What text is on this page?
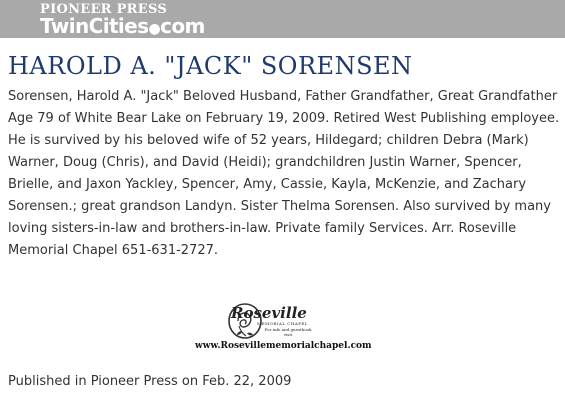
PIONEER PRESS
TwinCities●com
HAROLD A. "JACK" SORENSEN

Sorensen, Harold A. "Jack" Beloved Husband, Father Grandfather, Great Grandfather Age 79 of White Bear Lake on February 19, 2009. Retired West Publishing employee. He is survived by his beloved wife of 52 years, Hildegard; children Debra (Mark) Warner, Doug (Chris), and David (Heidi); grandchildren Justin Warner, Spencer, Brielle, and Jaxon Yackley, Spencer, Amy, Cassie, Kayla, McKenzie, and Zachary Sorensen.; great grandson Landyn. Sister Thelma Sorensen. Also survived by many loving sisters-in-law and brothers-in-law. Private family Services. Arr. Roseville Memorial Chapel 651-631-2727.

Roseville
MEMORIAL CHAPEL
For info and guestbook visit
www.Rosevillememorialchapel.com

Published in Pioneer Press on Feb. 22, 2009
